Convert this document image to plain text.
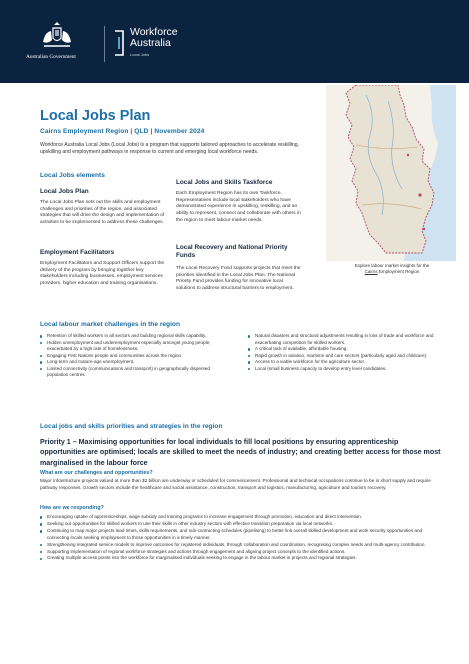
Australian Government
Workforce
Australia
Local Jobs
Local Jobs Plan
Cairns Employment Region | QLD | November 2024
Workforce Australia Local Jobs (Local Jobs) is a program that supports tailored approaches to accelerate reskilling, upskilling and employment pathways in response to current and emerging local workforce needs.
Local Jobs elements
Local Jobs Plan
The Local Jobs Plan sets out the skills and employment challenges and priorities of the region, and associated strategies that will drive the design and implementation of activities to be implemented to address these challenges.
Employment Facilitators
Employment Facilitators and Support Officers support the delivery of the program by bringing together key stakeholders including businesses, employment services providers, higher education and training organisations.
Local Jobs and Skills Taskforce
Each Employment Region has its own Taskforce. Representatives include local stakeholders who have demonstrated experience in upskilling, reskilling, and an ability to represent, connect and collaborate with others in the region to meet labour market needs.
Local Recovery and National Priority Funds
The Local Recovery Fund supports projects that meet the priorities identified in the Local Jobs Plan. The National Priority Fund provides funding for innovative local solutions to address structural barriers to employment.
Explore labour market insights for the
Cairns Employment Region
Local labour market challenges in the region
Retention of skilled workers in all sectors and building regional skills capability.
Hidden unemployment and underemployment especially amongst young people, exacerbated by a high rate of homelessness.
Engaging First Nations people and communities across the region.
Long-term and mature-age unemployment.
Limited connectivity (communications and transport) in geographically dispersed population centres.
Natural disasters and structural adjustments resulting in loss of trade and workforce and exacerbating competition for skilled workers.
A critical lack of available, affordable housing.
Rapid growth in aviation, maritime and care sectors (particularly aged and childcare).
Access to a viable workforce for the agriculture sector.
Local (small business capacity to develop entry level candidates.
Local jobs and skills priorities and strategies in the region
Priority 1 – Maximising opportunities for local individuals to fill local positions by ensuring apprenticeship opportunities are optimised; locals are skilled to meet the needs of industry; and creating better access for those most marginalised in the labour force
What are our challenges and opportunities?
Major infrastructure projects valued at more than $2 billion are underway or scheduled for commencement. Professional and technical occupations continue to be in short supply and require pathway responses. Growth sectors include the healthcare and social assistance, construction, transport and logistics, manufacturing, agriculture and tourism recovery.
How are we responding?
Encouraging uptake of apprenticeships, wage subsidy and training programs to increase engagement through promotion, education and direct intervention.
Seeking out opportunities for skilled workers to use their skills in other industry sectors with effective transition preparation via local networks.
Continuing to map major projects lead times, skills requirements, and sub-contracting schedules (pipelining) to better link overall skilled development and work security opportunities and connecting locals seeking employment to those opportunities in a timely manner.
Strengthening integrated service models to improve outcomes for registered individuals, through collaboration and coordination, recognising complex needs and multi-agency contribution.
Supporting implementation of regional workforce strategies and actions through engagement and aligning project concepts to the identified actions.
Creating multiple access points into the workforce for marginalised individuals seeking to engage in the labour market in projects and regional strategies.
